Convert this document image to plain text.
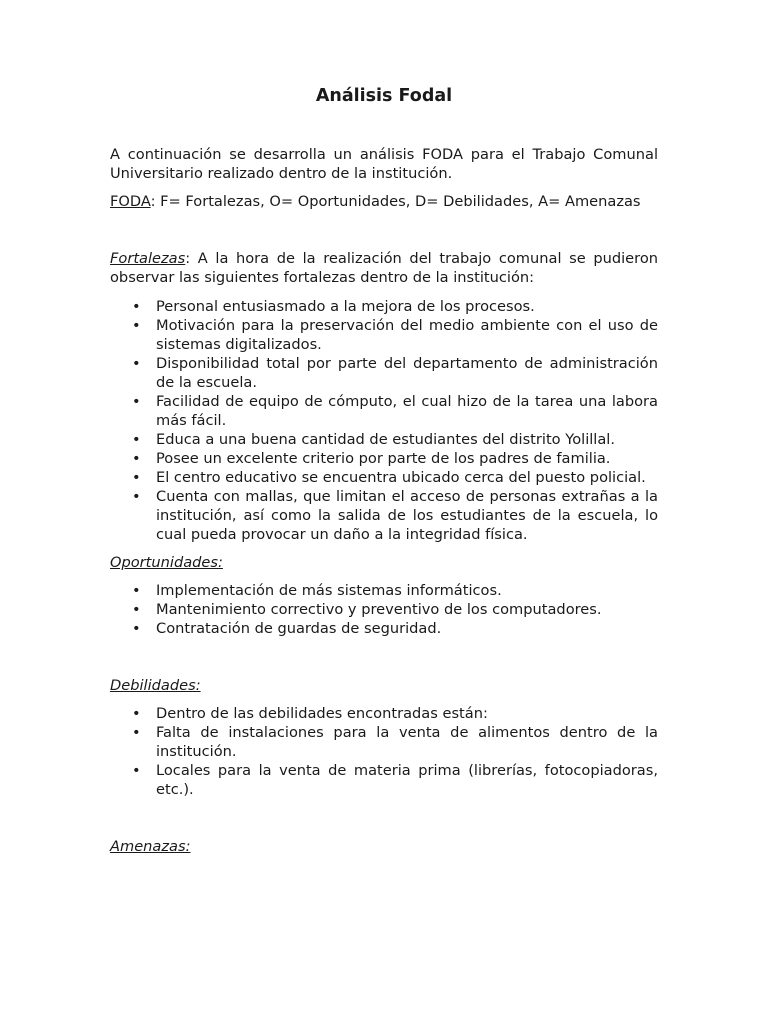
Análisis Fodal

A continuación se desarrolla un análisis FODA para el Trabajo Comunal Universitario realizado dentro de la institución.

FODA: F= Fortalezas, O= Oportunidades, D= Debilidades, A= Amenazas

Fortalezas: A la hora de la realización del trabajo comunal se pudieron observar las siguientes fortalezas dentro de la institución:

• Personal entusiasmado a la mejora de los procesos.
• Motivación para la preservación del medio ambiente con el uso de sistemas digitalizados.
• Disponibilidad total por parte del departamento de administración de la escuela.
• Facilidad de equipo de cómputo, el cual hizo de la tarea una labora más fácil.
• Educa a una buena cantidad de estudiantes del distrito Yolillal.
• Posee un excelente criterio por parte de los padres de familia.
• El centro educativo se encuentra ubicado cerca del puesto policial.
• Cuenta con mallas, que limitan el acceso de personas extrañas a la institución, así como la salida de los estudiantes de la escuela, lo cual pueda provocar un daño a la integridad física.

Oportunidades:

• Implementación de más sistemas informáticos.
• Mantenimiento correctivo y preventivo de los computadores.
• Contratación de guardas de seguridad.

Debilidades:

• Dentro de las debilidades encontradas están:
• Falta de instalaciones para la venta de alimentos dentro de la institución.
• Locales para la venta de materia prima (librerías, fotocopiadoras, etc.).

Amenazas:
